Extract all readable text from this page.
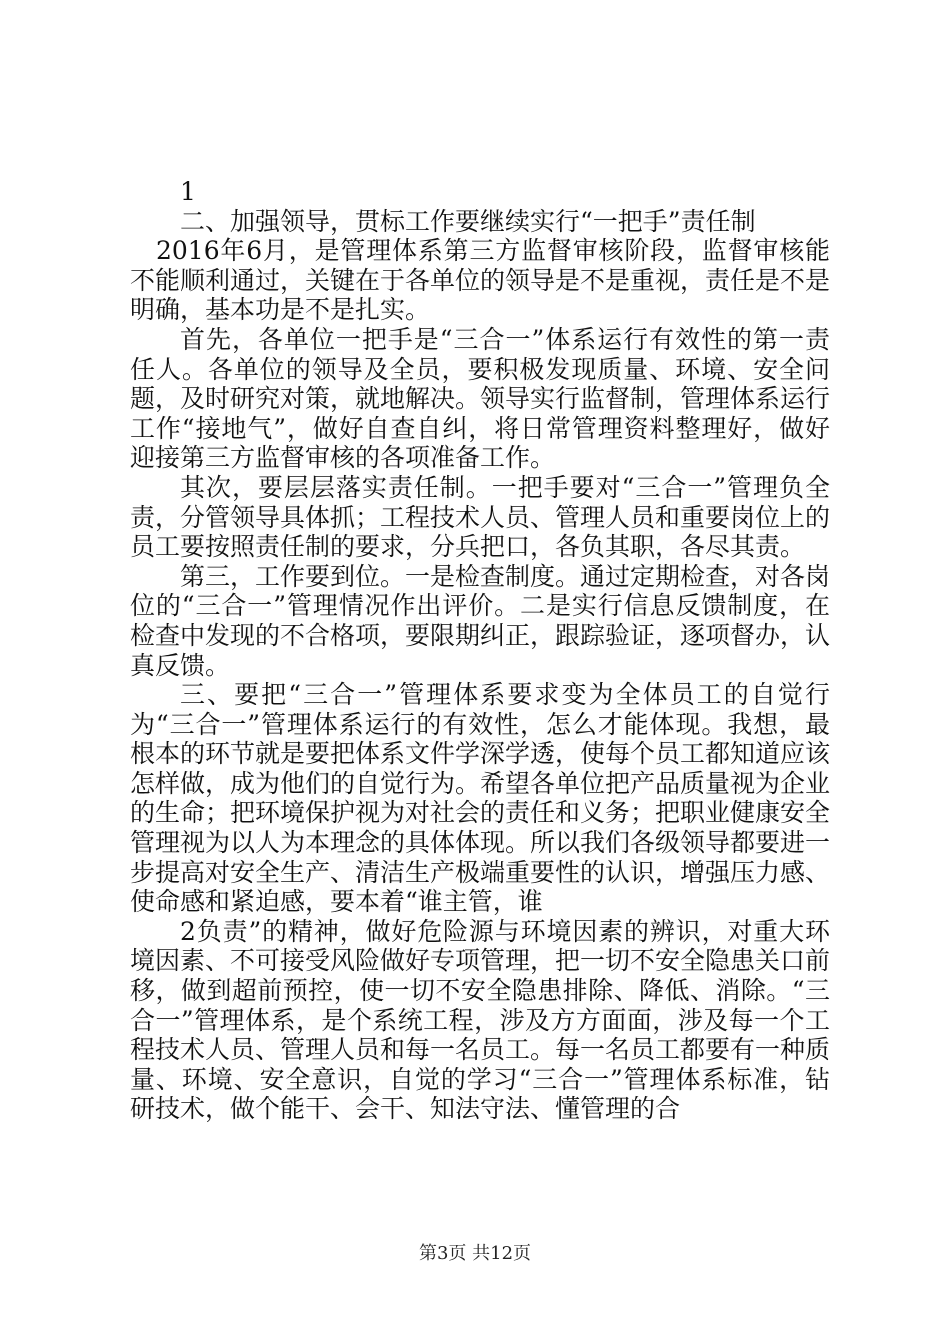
1

二、加强领导，贯标工作要继续实行“一把手”责任制

2016年6月，是管理体系第三方监督审核阶段，监督审核能不能顺利通过，关键在于各单位的领导是不是重视，责任是不是明确，基本功是不是扎实。

首先，各单位一把手是“三合一”体系运行有效性的第一责任人。各单位的领导及全员，要积极发现质量、环境、安全问题，及时研究对策，就地解决。领导实行监督制，管理体系运行工作“接地气”，做好自查自纠，将日常管理资料整理好，做好迎接第三方监督审核的各项准备工作。

其次，要层层落实责任制。一把手要对“三合一”管理负全责，分管领导具体抓；工程技术人员、管理人员和重要岗位上的员工要按照责任制的要求，分兵把口，各负其职，各尽其责。

第三，工作要到位。一是检查制度。通过定期检查，对各岗位的“三合一”管理情况作出评价。二是实行信息反馈制度，在检查中发现的不合格项，要限期纠正，跟踪验证，逐项督办，认真反馈。

三、要把“三合一”管理体系要求变为全体员工的自觉行为“三合一”管理体系运行的有效性，怎么才能体现。我想，最根本的环节就是要把体系文件学深学透，使每个员工都知道应该怎样做，成为他们的自觉行为。希望各单位把产品质量视为企业的生命；把环境保护视为对社会的责任和义务；把职业健康安全管理视为以人为本理念的具体体现。所以我们各级领导都要进一步提高对安全生产、清洁生产极端重要性的认识，增强压力感、使命感和紧迫感，要本着“谁主管，谁

2负责”的精神，做好危险源与环境因素的辨识，对重大环境因素、不可接受风险做好专项管理，把一切不安全隐患关口前移，做到超前预控，使一切不安全隐患排除、降低、消除。“三合一”管理体系，是个系统工程，涉及方方面面，涉及每一个工程技术人员、管理人员和每一名员工。每一名员工都要有一种质量、环境、安全意识，自觉的学习“三合一”管理体系标准，钻研技术，做个能干、会干、知法守法、懂管理的合

第3页 共12页
